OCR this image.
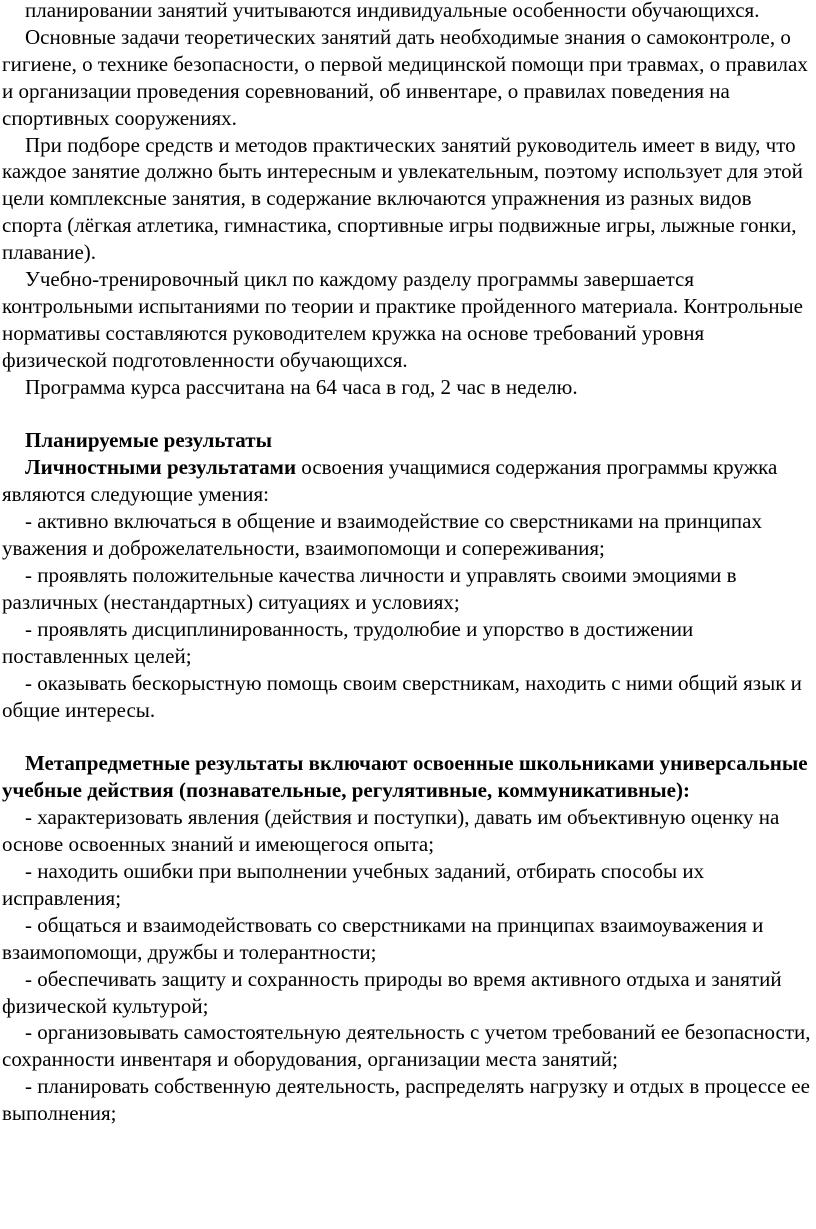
планировании занятий учитываются индивидуальные особенности обучающихся.

Основные задачи теоретических занятий дать необходимые знания о самоконтроле, о гигиене, о технике безопасности, о первой медицинской помощи при травмах, о правилах и организации проведения соревнований, об инвентаре, о правилах поведения на спортивных сооружениях.

При подборе средств и методов практических занятий руководитель имеет в виду, что каждое занятие должно быть интересным и увлекательным, поэтому использует для этой цели комплексные занятия, в содержание включаются упражнения из разных видов спорта (лёгкая атлетика, гимнастика, спортивные игры подвижные игры, лыжные гонки, плавание).

Учебно-тренировочный цикл по каждому разделу программы завершается контрольными испытаниями по теории и практике пройденного материала. Контрольные нормативы составляются руководителем кружка на основе требований уровня физической подготовленности обучающихся.

Программа курса рассчитана на 64 часа в год, 2 час в неделю.

Планируемые результаты

Личностными результатами освоения учащимися содержания программы кружка являются следующие умения:

- активно включаться в общение и взаимодействие со сверстниками на принципах уважения и доброжелательности, взаимопомощи и сопереживания;

- проявлять положительные качества личности и управлять своими эмоциями в различных (нестандартных) ситуациях и условиях;

- проявлять дисциплинированность, трудолюбие и упорство в достижении поставленных целей;

- оказывать бескорыстную помощь своим сверстникам, находить с ними общий язык и общие интересы.

Метапредметные результаты включают освоенные школьниками универсальные учебные действия (познавательные, регулятивные, коммуникативные):

- характеризовать явления (действия и поступки), давать им объективную оценку на основе освоенных знаний и имеющегося опыта;

- находить ошибки при выполнении учебных заданий, отбирать способы их исправления;

- общаться и взаимодействовать со сверстниками на принципах взаимоуважения и взаимопомощи, дружбы и толерантности;

- обеспечивать защиту и сохранность природы во время активного отдыха и занятий физической культурой;

- организовывать самостоятельную деятельность с учетом требований ее безопасности, сохранности инвентаря и оборудования, организации места занятий;

- планировать собственную деятельность, распределять нагрузку и отдых в процессе ее выполнения;
